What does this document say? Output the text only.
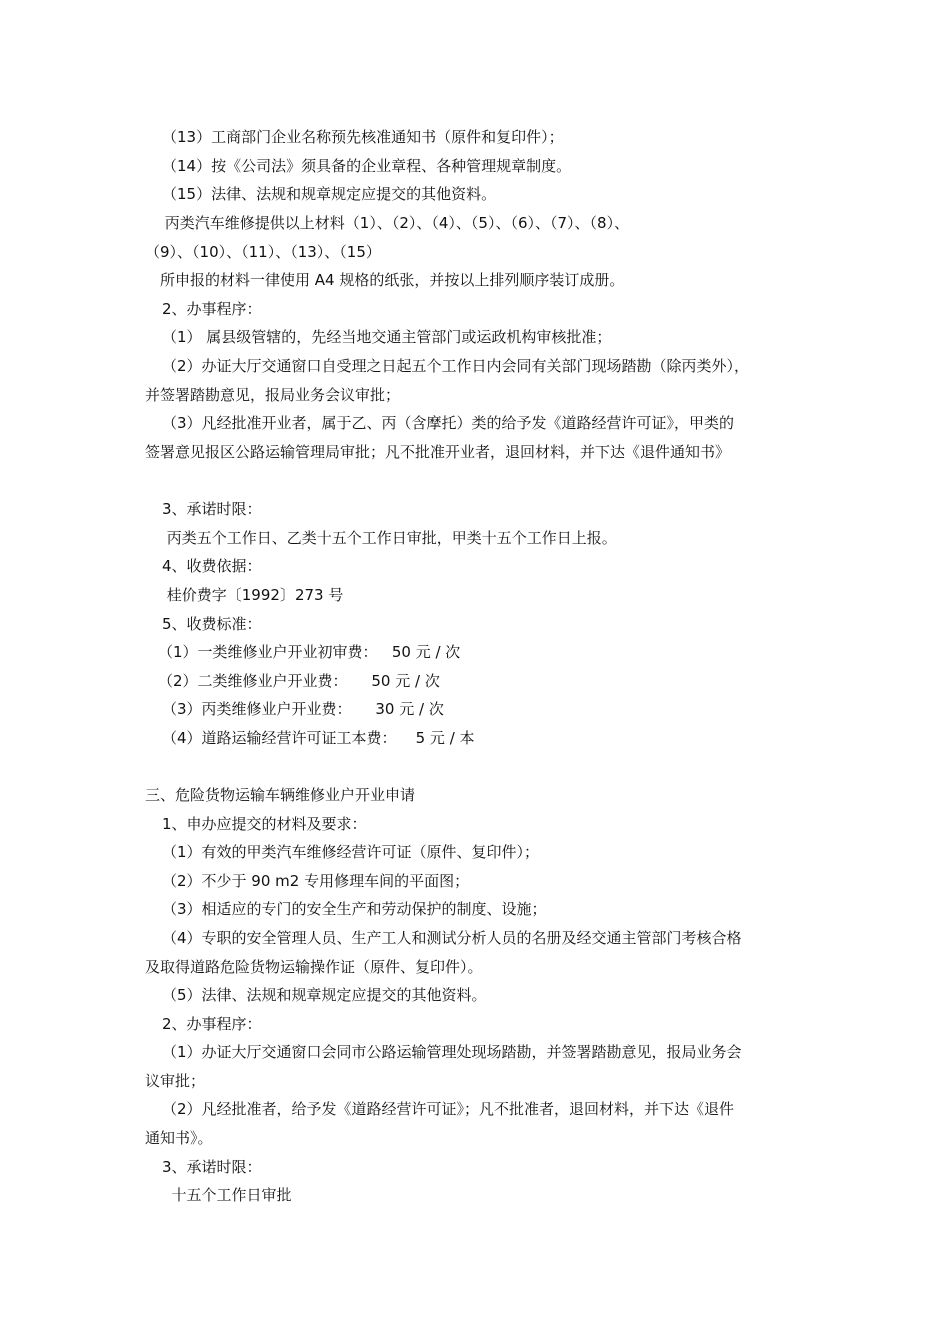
（13）工商部门企业名称预先核准通知书（原件和复印件）；
（14）按《公司法》须具备的企业章程、各种管理规章制度。
（15）法律、法规和规章规定应提交的其他资料。
丙类汽车维修提供以上材料（1）、（2）、（4）、（5）、（6）、（7）、（8）、
（9）、（10）、（11）、（13）、（15）
所申报的材料一律使用 A4 规格的纸张，并按以上排列顺序装订成册。
2、办事程序：
（1） 属县级管辖的，先经当地交通主管部门或运政机构审核批准；
（2）办证大厅交通窗口自受理之日起五个工作日内会同有关部门现场踏勘（除丙类外），
并签署踏勘意见，报局业务会议审批；
（3）凡经批准开业者，属于乙、丙（含摩托）类的给予发《道路经营许可证》，甲类的
签署意见报区公路运输管理局审批；凡不批准开业者，退回材料，并下达《退件通知书》
3、承诺时限：
丙类五个工作日、乙类十五个工作日审批，甲类十五个工作日上报。
4、收费依据：
桂价费字〔1992〕273 号
5、收费标准：
（1）一类维修业户开业初审费：   50 元 / 次
（2）二类维修业户开业费：     50 元 / 次
（3）丙类维修业户开业费：     30 元 / 次
（4）道路运输经营许可证工本费：    5 元 / 本
三、危险货物运输车辆维修业户开业申请
1、申办应提交的材料及要求：
（1）有效的甲类汽车维修经营许可证（原件、复印件）；
（2）不少于 90 m2 专用修理车间的平面图；
（3）相适应的专门的安全生产和劳动保护的制度、设施；
（4）专职的安全管理人员、生产工人和测试分析人员的名册及经交通主管部门考核合格
及取得道路危险货物运输操作证（原件、复印件）。
（5）法律、法规和规章规定应提交的其他资料。
2、办事程序：
（1）办证大厅交通窗口会同市公路运输管理处现场踏勘，并签署踏勘意见，报局业务会
议审批；
（2）凡经批准者，给予发《道路经营许可证》；凡不批准者，退回材料，并下达《退件
通知书》。
3、承诺时限：
十五个工作日审批
